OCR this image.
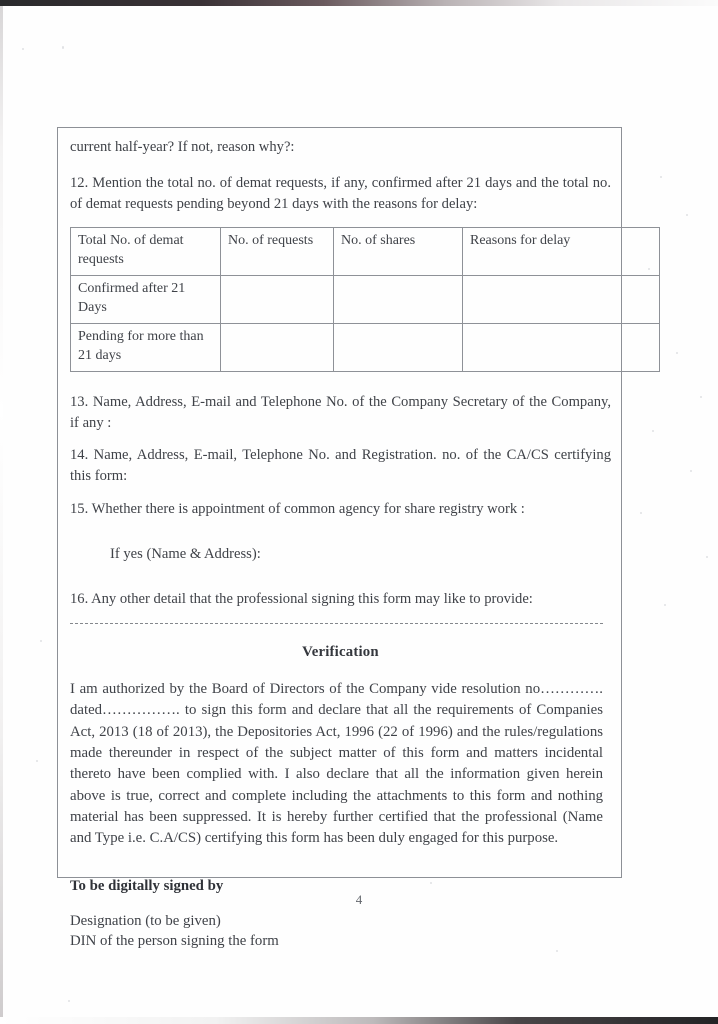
current half-year? If not, reason why?:

12. Mention the total no. of demat requests, if any, confirmed after 21 days and the total no. of demat requests pending beyond 21 days with the reasons for delay:

Total No. of demat requests	No. of requests	No. of shares	Reasons for delay
Confirmed after 21 Days			
Pending for more than 21 days			

13. Name, Address, E-mail and Telephone No. of the Company Secretary of the Company, if any :

14. Name, Address, E-mail, Telephone No. and Registration. no. of the CA/CS certifying this form:

15. Whether there is appointment of common agency for share registry work :

If yes (Name & Address):

16. Any other detail that the professional signing this form may like to provide:

Verification

I am authorized by the Board of Directors of the Company vide resolution no…………. dated……………. to sign this form and declare that all the requirements of Companies Act, 2013 (18 of 2013), the Depositories Act, 1996 (22 of 1996) and the rules/regulations made thereunder in respect of the subject matter of this form and matters incidental thereto have been complied with. I also declare that all the information given herein above is true, correct and complete including the attachments to this form and nothing material has been suppressed. It is hereby further certified that the professional (Name and Type i.e. C.A/CS) certifying this form has been duly engaged for this purpose.

To be digitally signed by

Designation (to be given)

DIN of the person signing the form

4
